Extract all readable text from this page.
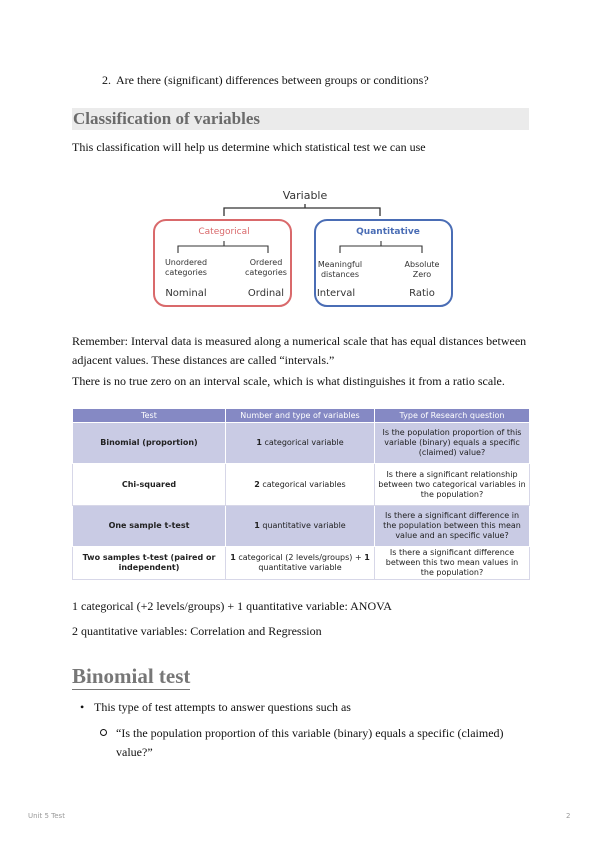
2. Are there (significant) differences between groups or conditions?
Classification of variables
This classification will help us determine which statistical test we can use
Variable
Categorical
Unordered
categories
Ordered
categories
Nominal	Ordinal
Quantitative
Meaningful
distances
Absolute
Zero
Interval	Ratio
Remember: Interval data is measured along a numerical scale that has equal distances between adjacent values. These distances are called “intervals.”
There is no true zero on an interval scale, which is what distinguishes it from a ratio scale.
Test	Number and type of variables	Type of Research question
Binomial (proportion)	1 categorical variable	Is the population proportion of this variable (binary) equals a specific (claimed) value?
Chi-squared	2 categorical variables	Is there a significant relationship between two categorical variables in the population?
One sample t-test	1 quantitative variable	Is there a significant difference in the population between this mean value and an specific value?
Two samples t-test (paired or independent)	1 categorical (2 levels/groups) + 1 quantitative variable	Is there a significant difference between this two mean values in the population?
1 categorical (+2 levels/groups) + 1 quantitative variable: ANOVA
2 quantitative variables: Correlation and Regression
Binomial test
• This type of test attempts to answer questions such as
“Is the population proportion of this variable (binary) equals a specific (claimed) value?”
Unit 5 Test	2
